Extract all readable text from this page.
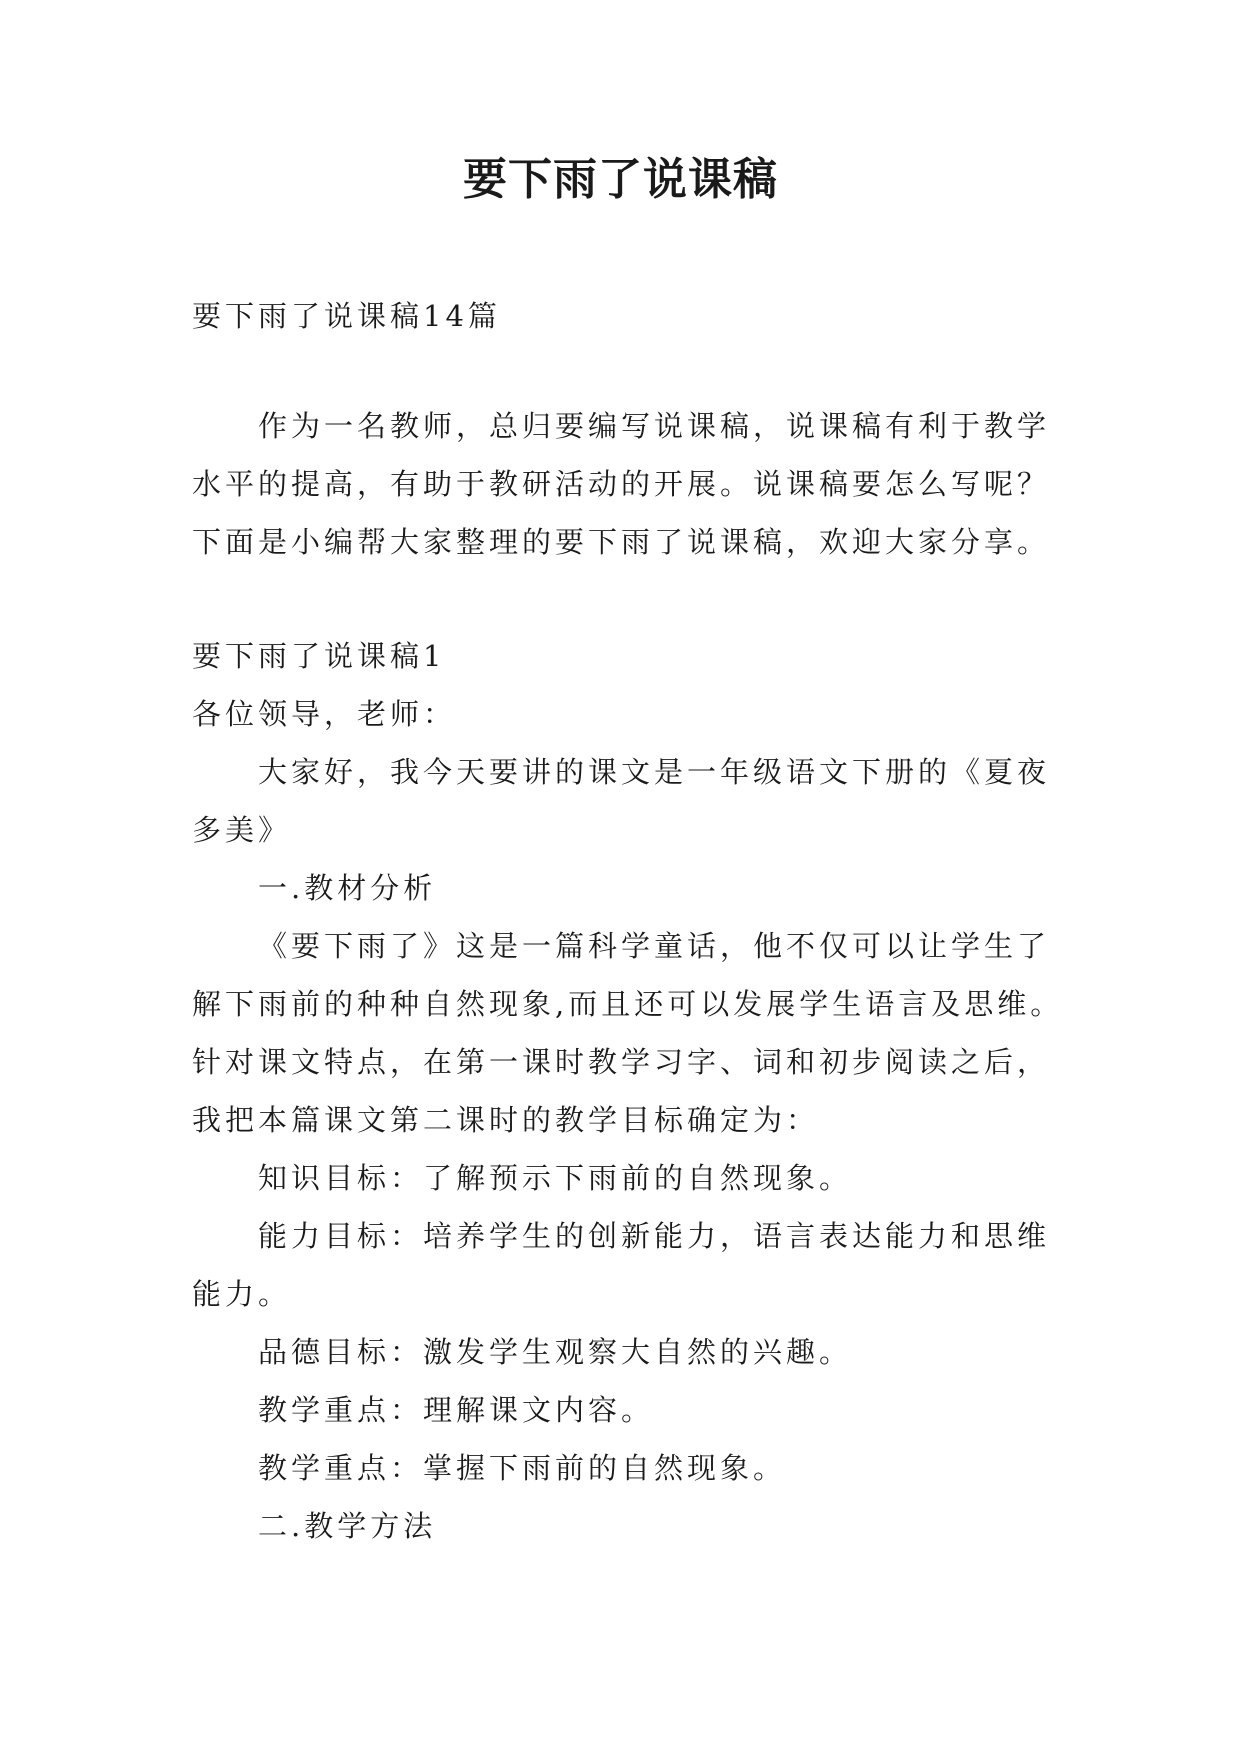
要下雨了说课稿

要下雨了说课稿14篇

作为一名教师，总归要编写说课稿，说课稿有利于教学水平的提高，有助于教研活动的开展。说课稿要怎么写呢？下面是小编帮大家整理的要下雨了说课稿，欢迎大家分享。

要下雨了说课稿1

各位领导，老师：

大家好，我今天要讲的课文是一年级语文下册的《夏夜多美》

一.教材分析

《要下雨了》这是一篇科学童话，他不仅可以让学生了解下雨前的种种自然现象,而且还可以发展学生语言及思维。针对课文特点，在第一课时教学习字、词和初步阅读之后，我把本篇课文第二课时的教学目标确定为：

知识目标：了解预示下雨前的自然现象。

能力目标：培养学生的创新能力，语言表达能力和思维能力。

品德目标：激发学生观察大自然的兴趣。

教学重点：理解课文内容。

教学重点：掌握下雨前的自然现象。

二.教学方法
